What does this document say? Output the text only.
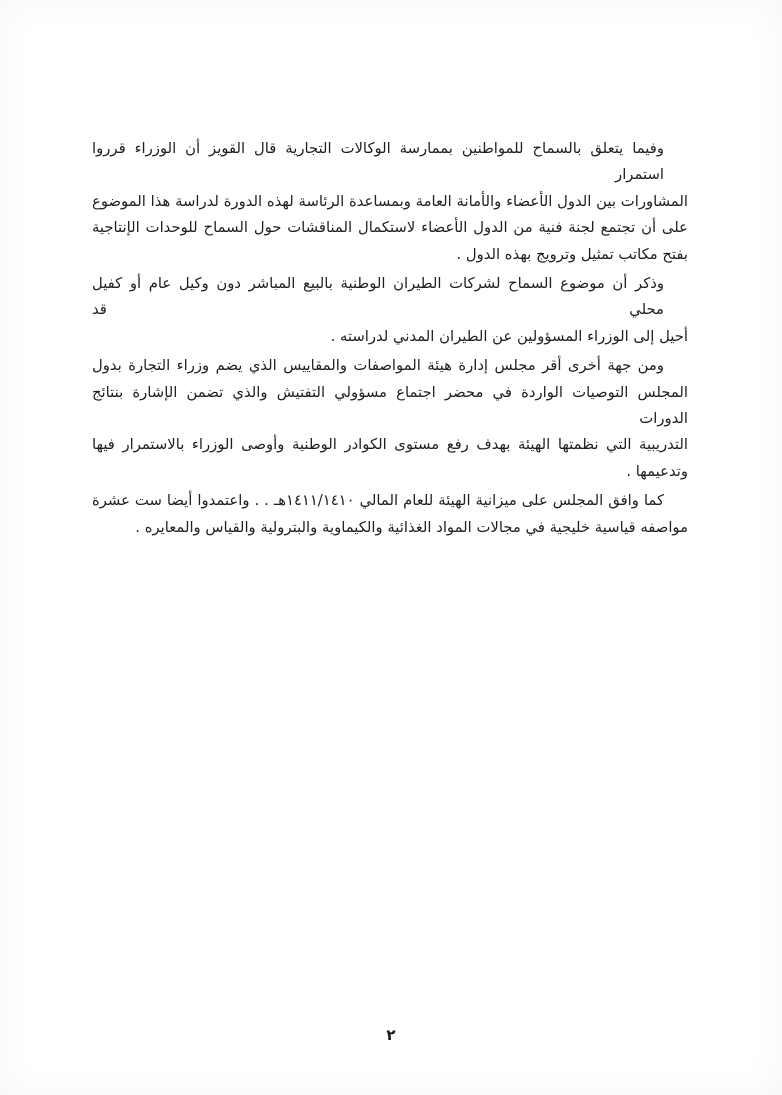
وفيما يتعلق بالسماح للمواطنين بممارسة الوكالات التجارية قال القويز أن الوزراء قرروا استمرار
المشاورات بين الدول الأعضاء والأمانة العامة وبمساعدة الرئاسة لهذه الدورة لدراسة هذا الموضوع
على أن تجتمع لجنة فنية من الدول الأعضاء لاستكمال المناقشات حول السماح للوحدات الإنتاجية
بفتح مكاتب تمثيل وترويج بهذه الدول .
وذكر أن موضوع السماح لشركات الطيران الوطنية بالبيع المباشر دون وكيل عام أو كفيل محلي قد
أحيل إلى الوزراء المسؤولين عن الطيران المدني لدراسته .
ومن جهة أخرى أقر مجلس إدارة هيئة المواصفات والمقاييس الذي يضم وزراء التجارة بدول
المجلس التوصيات الواردة في محضر اجتماع مسؤولي التفتيش والذي تضمن الإشارة بنتائج الدورات
التدريبية التي نظمتها الهيئة بهدف رفع مستوى الكوادر الوطنية وأوصى الوزراء بالاستمرار فيها
وتدعيمها .
كما وافق المجلس على ميزانية الهيئة للعام المالي ١٤١١/١٤١٠هـ . . واعتمدوا أيضا ست عشرة
مواصفه قياسية خليجية في مجالات المواد الغذائية والكيماوية والبترولية والقياس والمعايره .
٢
